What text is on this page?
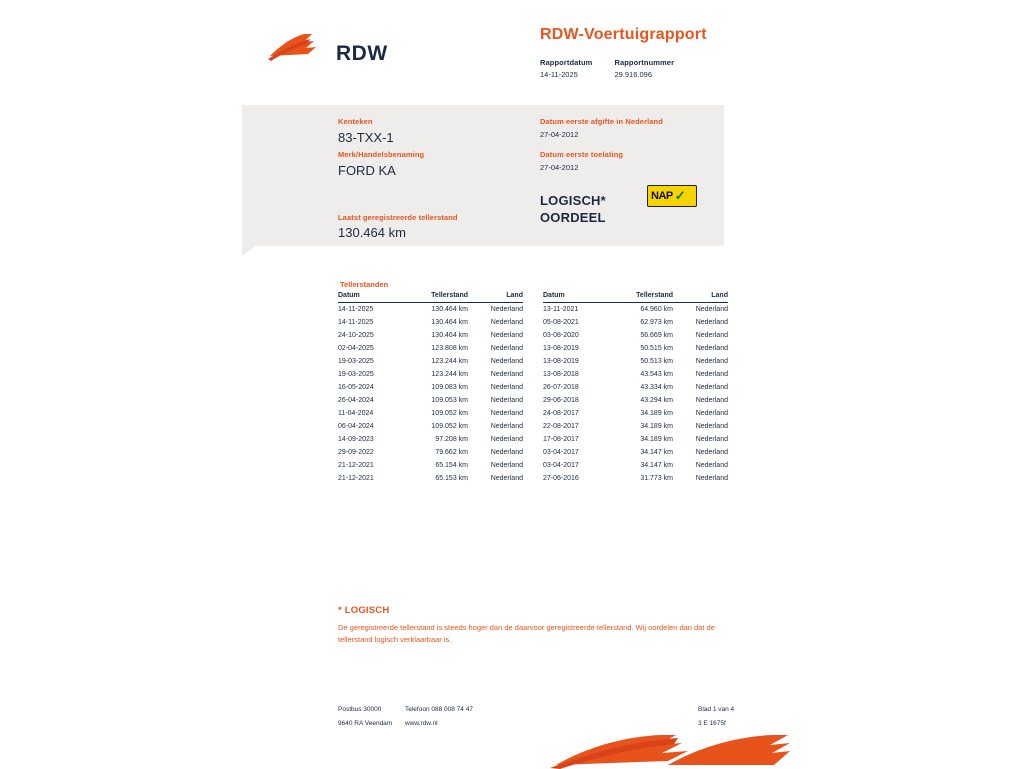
RDW
RDW-Voertuigrapport
Rapportdatum
14-11-2025
Rapportnummer
29.916.096
Kenteken
83-TXX-1
Merk/Handelsbenaming
FORD KA
Laatst geregistreerde tellerstand
130.464 km
Datum eerste afgifte in Nederland
27-04-2012
Datum eerste toelating
27-04-2012
LOGISCH*
OORDEEL
NAP ✓
Tellerstanden
Datum	Tellerstand	Land
14-11-2025	130.464 km	Nederland
14-11-2025	130.464 km	Nederland
24-10-2025	130.464 km	Nederland
02-04-2025	123.808 km	Nederland
19-03-2025	123.244 km	Nederland
19-03-2025	123.244 km	Nederland
16-05-2024	109.083 km	Nederland
26-04-2024	109.053 km	Nederland
11-04-2024	109.052 km	Nederland
06-04-2024	109.052 km	Nederland
14-09-2023	97.208 km	Nederland
29-09-2022	79.662 km	Nederland
21-12-2021	65.154 km	Nederland
21-12-2021	65.153 km	Nederland
Datum	Tellerstand	Land
13-11-2021	64.960 km	Nederland
05-08-2021	62.973 km	Nederland
03-08-2020	56.669 km	Nederland
13-08-2019	50.515 km	Nederland
13-08-2019	50.513 km	Nederland
13-08-2018	43.543 km	Nederland
26-07-2018	43.334 km	Nederland
29-06-2018	43.294 km	Nederland
24-08-2017	34.189 km	Nederland
22-08-2017	34.189 km	Nederland
17-08-2017	34.189 km	Nederland
03-04-2017	34.147 km	Nederland
03-04-2017	34.147 km	Nederland
27-06-2016	31.773 km	Nederland
* LOGISCH
De geregistreerde tellerstand is steeds hoger dan de daarvoor geregistreerde tellerstand. Wij oordelen dan dat de tellerstand logisch verklaarbaar is.
Postbus 30000
9640 RA Veendam
Telefoon 088 008 74 47
www.rdw.nl
Blad 1 van 4
3 E 1675f
